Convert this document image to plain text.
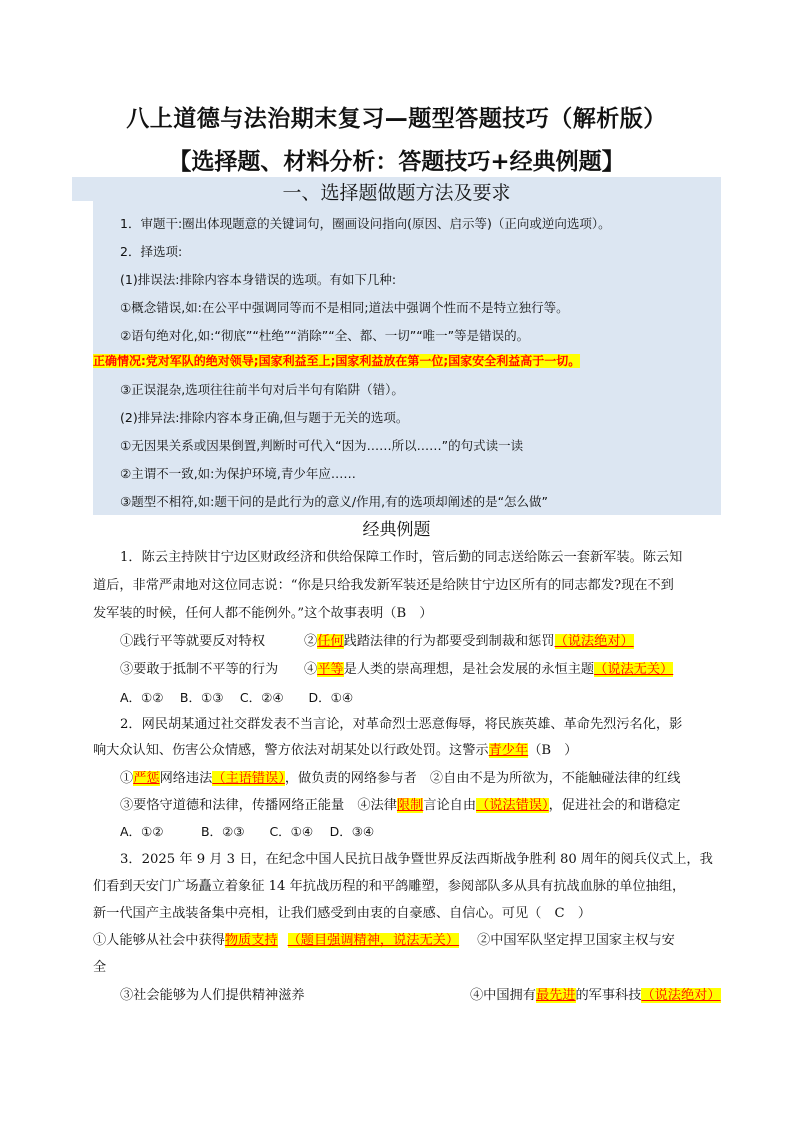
八上道德与法治期末复习—题型答题技巧（解析版）
【选择题、材料分析：答题技巧+经典例题】
一、选择题做题方法及要求
1．审题干:圈出体现题意的关键词句，圈画设问指向(原因、启示等)（正向或逆向选项）。
2．择选项:
(1)排误法:排除内容本身错误的选项。有如下几种:
①概念错误,如:在公平中强调同等而不是相同;道法中强调个性而不是特立独行等。
②语句绝对化,如:“彻底”“杜绝”“消除”“全、都、一切”“唯一”等是错误的。
正确情况:党对军队的绝对领导;国家利益至上;国家利益放在第一位;国家安全利益高于一切。
③正误混杂,选项往往前半句对后半句有陷阱（错）。
(2)排异法:排除内容本身正确,但与题于无关的选项。
①无因果关系或因果倒置,判断时可代入“因为……所以……”的句式读一读
②主谓不一致,如:为保护环境,青少年应……
③题型不相符,如:题干问的是此行为的意义/作用,有的选项却阐述的是“怎么做”
经典例题
1．陈云主持陕甘宁边区财政经济和供给保障工作时，管后勤的同志送给陈云一套新军装。陈云知
道后，非常严肃地对这位同志说：“你是只给我发新军装还是给陕甘宁边区所有的同志都发?现在不到
发军装的时候，任何人都不能例外。”这个故事表明（B　）
①践行平等就要反对特权	②任何践踏法律的行为都要受到制裁和惩罚（说法绝对）
③要敢于抵制不平等的行为 ④平等是人类的崇高理想，是社会发展的永恒主题（说法无关）
A．①②　 B．①③　 C．②④　　D．①④
2．网民胡某通过社交群发表不当言论，对革命烈士恶意侮辱，将民族英雄、革命先烈污名化，影
响大众认知、伤害公众情感，警方依法对胡某处以行政处罚。这警示青少年（B　）
①严惩网络违法（主语错误），做负责的网络参与者　②自由不是为所欲为，不能触碰法律的红线
③要恪守道德和法律，传播网络正能量　④法律限制言论自由（说法错误），促进社会的和谐稳定
A．①②　　　B．②③　　C．①④　 D．③④
3．2025 年 9 月 3 日，在纪念中国人民抗日战争暨世界反法西斯战争胜利 80 周年的阅兵仪式上，我
们看到天安门广场矗立着象征 14 年抗战历程的和平鸽雕塑，参阅部队多从具有抗战血脉的单位抽组，
新一代国产主战装备集中亮相，让我们感受到由衷的自豪感、自信心。可见（　C　）
①人能够从社会中获得物质支持 （题目强调精神，说法无关） ②中国军队坚定捍卫国家主权与安
全
③社会能够为人们提供精神滋养	④中国拥有最先进的军事科技（说法绝对）
